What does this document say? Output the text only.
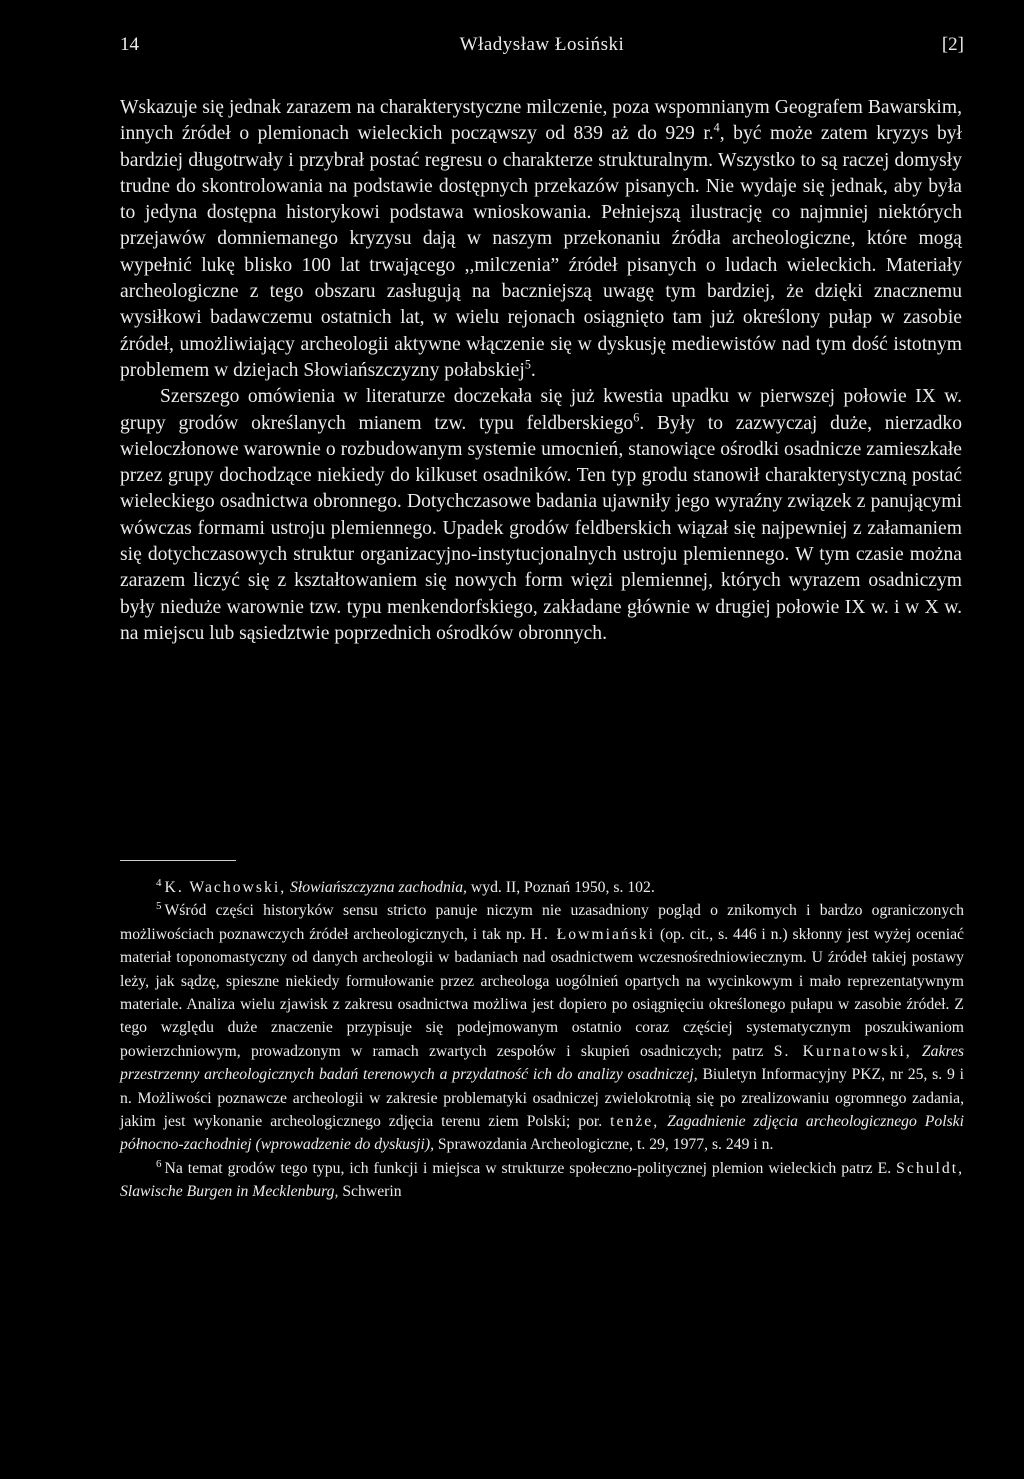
14	Władysław Łosiński	[2]

Wskazuje się jednak zarazem na charakterystyczne milczenie, poza wspomnianym Geografem Bawarskim, innych źródeł o plemionach wieleckich począwszy od 839 aż do 929 r.$^4$, być może zatem kryzys był bardziej długotrwały i przybrał postać regresu o charakterze strukturalnym. Wszystko to są raczej domysły trudne do skontrolowania na podstawie dostępnych przekazów pisanych. Nie wydaje się jednak, aby była to jedyna dostępna historykowi podstawa wnioskowania. Pełniejszą ilustrację co najmniej niektórych przejawów domniemanego kryzysu dają w naszym przekonaniu źródła archeologiczne, które mogą wypełnić lukę blisko 100 lat trwającego ,,milczenia” źródeł pisanych o ludach wieleckich. Materiały archeologiczne z tego obszaru zasługują na baczniejszą uwagę tym bardziej, że dzięki znacznemu wysiłkowi badawczemu ostatnich lat, w wielu rejonach osiągnięto tam już określony pułap w zasobie źródeł, umożliwiający archeologii aktywne włączenie się w dyskusję mediewistów nad tym dość istotnym problemem w dziejach Słowiańszczyzny połabskiej$^5$.

Szerszego omówienia w literaturze doczekała się już kwestia upadku w pierwszej połowie IX w. grupy grodów określanych mianem tzw. typu feldberskiego$^6$. Były to zazwyczaj duże, nierzadko wieloczłonowe warownie o rozbudowanym systemie umocnień, stanowiące ośrodki osadnicze zamieszkałe przez grupy dochodzące niekiedy do kilkuset osadników. Ten typ grodu stanowił charakterystyczną postać wieleckiego osadnictwa obronnego. Dotychczasowe badania ujawniły jego wyraźny związek z panującymi wówczas formami ustroju plemiennego. Upadek grodów feldberskich wiązał się najpewniej z załamaniem się dotychczasowych struktur organizacyjno-instytucjonalnych ustroju plemiennego. W tym czasie można zarazem liczyć się z kształtowaniem się nowych form więzi plemiennej, których wyrazem osadniczym były nieduże warownie tzw. typu menkendorfskiego, zakładane głównie w drugiej połowie IX w. i w X w. na miejscu lub sąsiedztwie poprzednich ośrodków obronnych.

$^4$ K. Wachowski, Słowiańszczyzna zachodnia, wyd. II, Poznań 1950, s. 102.

$^5$ Wśród części historyków sensu stricto panuje niczym nie uzasadniony pogląd o znikomych i bardzo ograniczonych możliwościach poznawczych źródeł archeologicznych, i tak np. H. Łowmiański (op. cit., s. 446 i n.) skłonny jest wyżej oceniać materiał toponomastyczny od danych archeologii w badaniach nad osadnictwem wczesnośredniowiecznym. U źródeł takiej postawy leży, jak sądzę, spieszne niekiedy formułowanie przez archeologa uogólnień opartych na wycinkowym i mało reprezentatywnym materiale. Analiza wielu zjawisk z zakresu osadnictwa możliwa jest dopiero po osiągnięciu określonego pułapu w zasobie źródeł. Z tego względu duże znaczenie przypisuje się podejmowanym ostatnio coraz częściej systematycznym poszukiwaniom powierzchniowym, prowadzonym w ramach zwartych zespołów i skupień osadniczych; patrz S. Kurnatowski, Zakres przestrzenny archeologicznych badań terenowych a przydatność ich do analizy osadniczej, Biuletyn Informacyjny PKZ, nr 25, s. 9 i n. Możliwości poznawcze archeologii w zakresie problematyki osadniczej zwielokrotnią się po zrealizowaniu ogromnego zadania, jakim jest wykonanie archeologicznego zdjęcia terenu ziem Polski; por. tenże, Zagadnienie zdjęcia archeologicznego Polski północno-zachodniej (wprowadzenie do dyskusji), Sprawozdania Archeologiczne, t. 29, 1977, s. 249 i n.

$^6$ Na temat grodów tego typu, ich funkcji i miejsca w strukturze społeczno-politycznej plemion wieleckich patrz E. Schuldt, Slawische Burgen in Mecklenburg, Schwerin
